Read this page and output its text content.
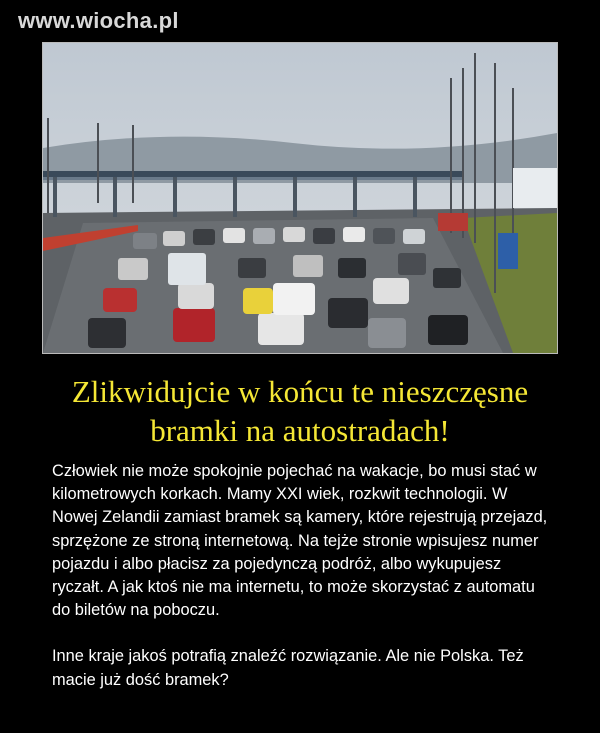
www.wiocha.pl
Zlikwidujcie w końcu te nieszczęsne
bramki na autostradach!

Człowiek nie może spokojnie pojechać na wakacje, bo musi stać w kilometrowych korkach. Mamy XXI wiek, rozkwit technologii. W Nowej Zelandii zamiast bramek są kamery, które rejestrują przejazd, sprzężone ze stroną internetową. Na tejże stronie wpisujesz numer pojazdu i albo płacisz za pojedynczą podróż, albo wykupujesz ryczałt. A jak ktoś nie ma internetu, to może skorzystać z automatu do biletów na poboczu.

Inne kraje jakoś potrafią znaleźć rozwiązanie. Ale nie Polska. Też macie już dość bramek?
